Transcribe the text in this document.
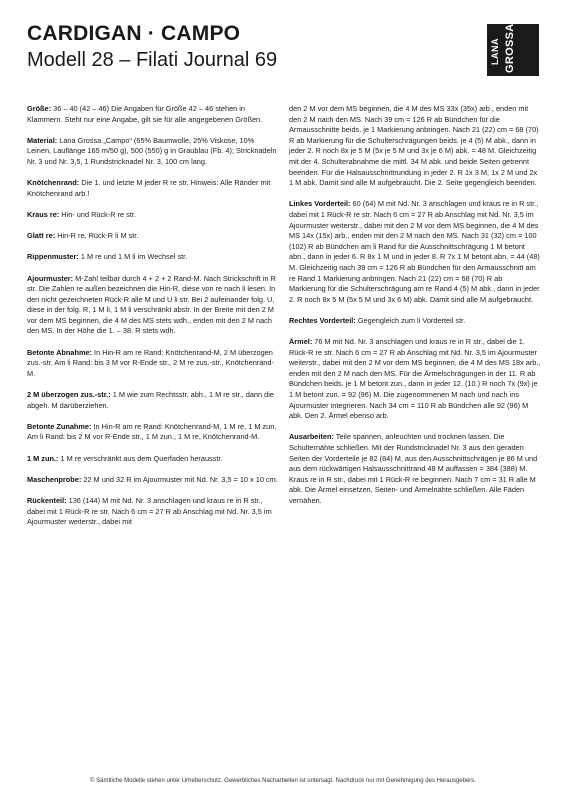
CARDIGAN · CAMPO
Modell 28 – Filati Journal 69	LANA GROSSA

Größe: 36 – 40 (42 – 46) Die Angaben für Größe 42 – 46 stehen in Klammern. Steht nur eine Angabe, gilt sie für alle angegebenen Größen.

Material: Lana Grossa „Campo“ (65% Baumwolle, 25% Viskose, 10% Leinen, Lauflänge 165 m/50 g), 500 (550) g in Graublau (Fb. 4); Stricknadeln Nr. 3 und Nr. 3,5, 1 Rundstricknadel Nr. 3, 100 cm lang.

Knötchenrand: Die 1. und letzte M jeder R re str. Hinweis: Alle Ränder mit Knötchenrand arb.!

Kraus re: Hin- und Rück-R re str.

Glatt re: Hin-R re, Rück-R li M str.

Rippenmuster: 1 M re und 1 M li im Wechsel str.

Ajourmuster: M-Zahl teilbar durch 4 + 2 + 2 Rand-M. Nach Strickschrift in R str. Die Zahlen re außen bezeichnen die Hin-R, diese von re nach li lesen. In den nicht gezeichneten Rück-R alle M und U li str. Bei 2 aufeinander folg. U, diese in der folg. R, 1 M li, 1 M li verschränkt abstr. In der Breite mit den 2 M vor dem MS beginnen, die 4 M des MS stets wdh., enden mit den 2 M nach den MS. In der Höhe die 1. – 38. R stets wdh.

Betonte Abnahme: In Hin-R am re Rand: Knötchenrand-M, 2 M überzogen zus.-str. Am li Rand: bis 3 M vor R-Ende str., 2 M re zus.-str., Knötchenrand-M.

2 M überzogen zus.-str.: 1 M wie zum Rechtsstr. abh., 1 M re str., dann die abgeh. M darüberziehen.

Betonte Zunahme: In Hin-R am re Rand: Knötchenrand-M, 1 M re, 1 M zun. Am li Rand: bis 2 M vor R-Ende str., 1 M zun., 1 M re, Knötchenrand-M.

1 M zun.: 1 M re verschränkt aus dem Querfaden herausstr.

Maschenprobe: 22 M und 32 R im Ajourmuster mit Nd. Nr. 3,5 = 10 x 10 cm.

Rückenteil: 136 (144) M mit Nd. Nr. 3 anschlagen und kraus re in R str., dabei mit 1 Rück-R re str. Nach 6 cm = 27 R ab Anschlag mit Nd. Nr. 3,5 im Ajourmuster weiterstr., dabei mit

den 2 M vor dem MS beginnen, die 4 M des MS 33x (35x) arb., enden mit den 2 M nach den MS. Nach 39 cm = 126 R ab Bündchen für die Armausschnitte beids. je 1 Markierung anbringen. Nach 21 (22) cm = 68 (70) R ab Markierung für die Schulterschrägungen beids. je 4 (5) M abk., dann in jeder 2. R noch 8x je 5 M (5x je 5 M und 3x je 6 M) abk. = 48 M. Gleichzeitig mit der 4. Schulterabnahme die mittl. 34 M abk. und beide Seiten getrennt beenden. Für die Halsausschnittrundung in jeder 2. R 1x 3 M, 1x 2 M und 2x 1 M abk. Damit sind alle M aufgebraucht. Die 2. Seite gegengleich beenden.

Linkes Vorderteil: 60 (64) M mit Nd. Nr. 3 anschlagen und kraus re in R str., dabei mit 1 Rück-R re str. Nach 6 cm = 27 R ab Anschlag mit Nd. Nr. 3,5 im Ajourmuster weiterstr., dabei mit den 2 M vor dem MS beginnen, die 4 M des MS 14x (15x) arb., enden mit den 2 M nach den MS. Nach 31 (32) cm = 100 (102) R ab Bündchen am li Rand für die Ausschnittschrägung 1 M betont abn., dann in jeder 6. R 8x 1 M und in jeder 8. R 7x 1 M betont abn. = 44 (48) M. Gleichzeitig nach 39 cm = 126 R ab Bündchen für den Armausschnitt am re Rand 1 Markierung anbringen. Nach 21 (22) cm = 68 (70) R ab Markierung für die Schulterschrägung am re Rand 4 (5) M abk., dann in jeder 2. R noch 8x 5 M (5x 5 M und 3x 6 M) abk. Damit sind alle M aufgebraucht.

Rechtes Vorderteil: Gegengleich zum li Vorderteil str.

Ärmel: 76 M mit Nd. Nr. 3 anschlagen und kraus re in R str., dabei die 1. Rück-R re str. Nach 6 cm = 27 R ab Anschlag mit Nd. Nr. 3,5 im Ajourmuster weiterstr., dabei mit den 2 M vor dem MS beginnen, die 4 M des MS 18x arb., enden mit den 2 M nach den MS. Für die Ärmelschrägungen in der 11. R ab Bündchen beids. je 1 M betont zun., dann in jeder 12. (10.) R noch 7x (9x) je 1 M betont zun. = 92 (96) M. Die zugenommenen M nach und nach ins Ajourmuster integrieren. Nach 34 cm = 110 R ab Bündchen alle 92 (96) M abk. Den 2. Ärmel ebenso arb.

Ausarbeiten: Teile spannen, anfeuchten und trocknen lassen. Die Schulternähte schließen. Mit der Rundstricknadel Nr. 3 aus den geraden Seiten der Vorderteile je 82 (84) M, aus den Ausschnittschrägen je 86 M und aus dem rückwärtigen Halsausschnittrand 48 M auffassen = 384 (388) M. Kraus re in R str., dabei mit 1 Rück-R re beginnen. Nach 7 cm = 31 R alle M abk. Die Ärmel einsetzen, Seiten- und Ärmelnähte schließen. Alle Fäden vernähen.

© Sämtliche Modelle stehen unter Urheberschutz. Gewerbliches Nacharbeiten ist untersagt. Nachdruck nur mit Genehmigung des Herausgebers.
